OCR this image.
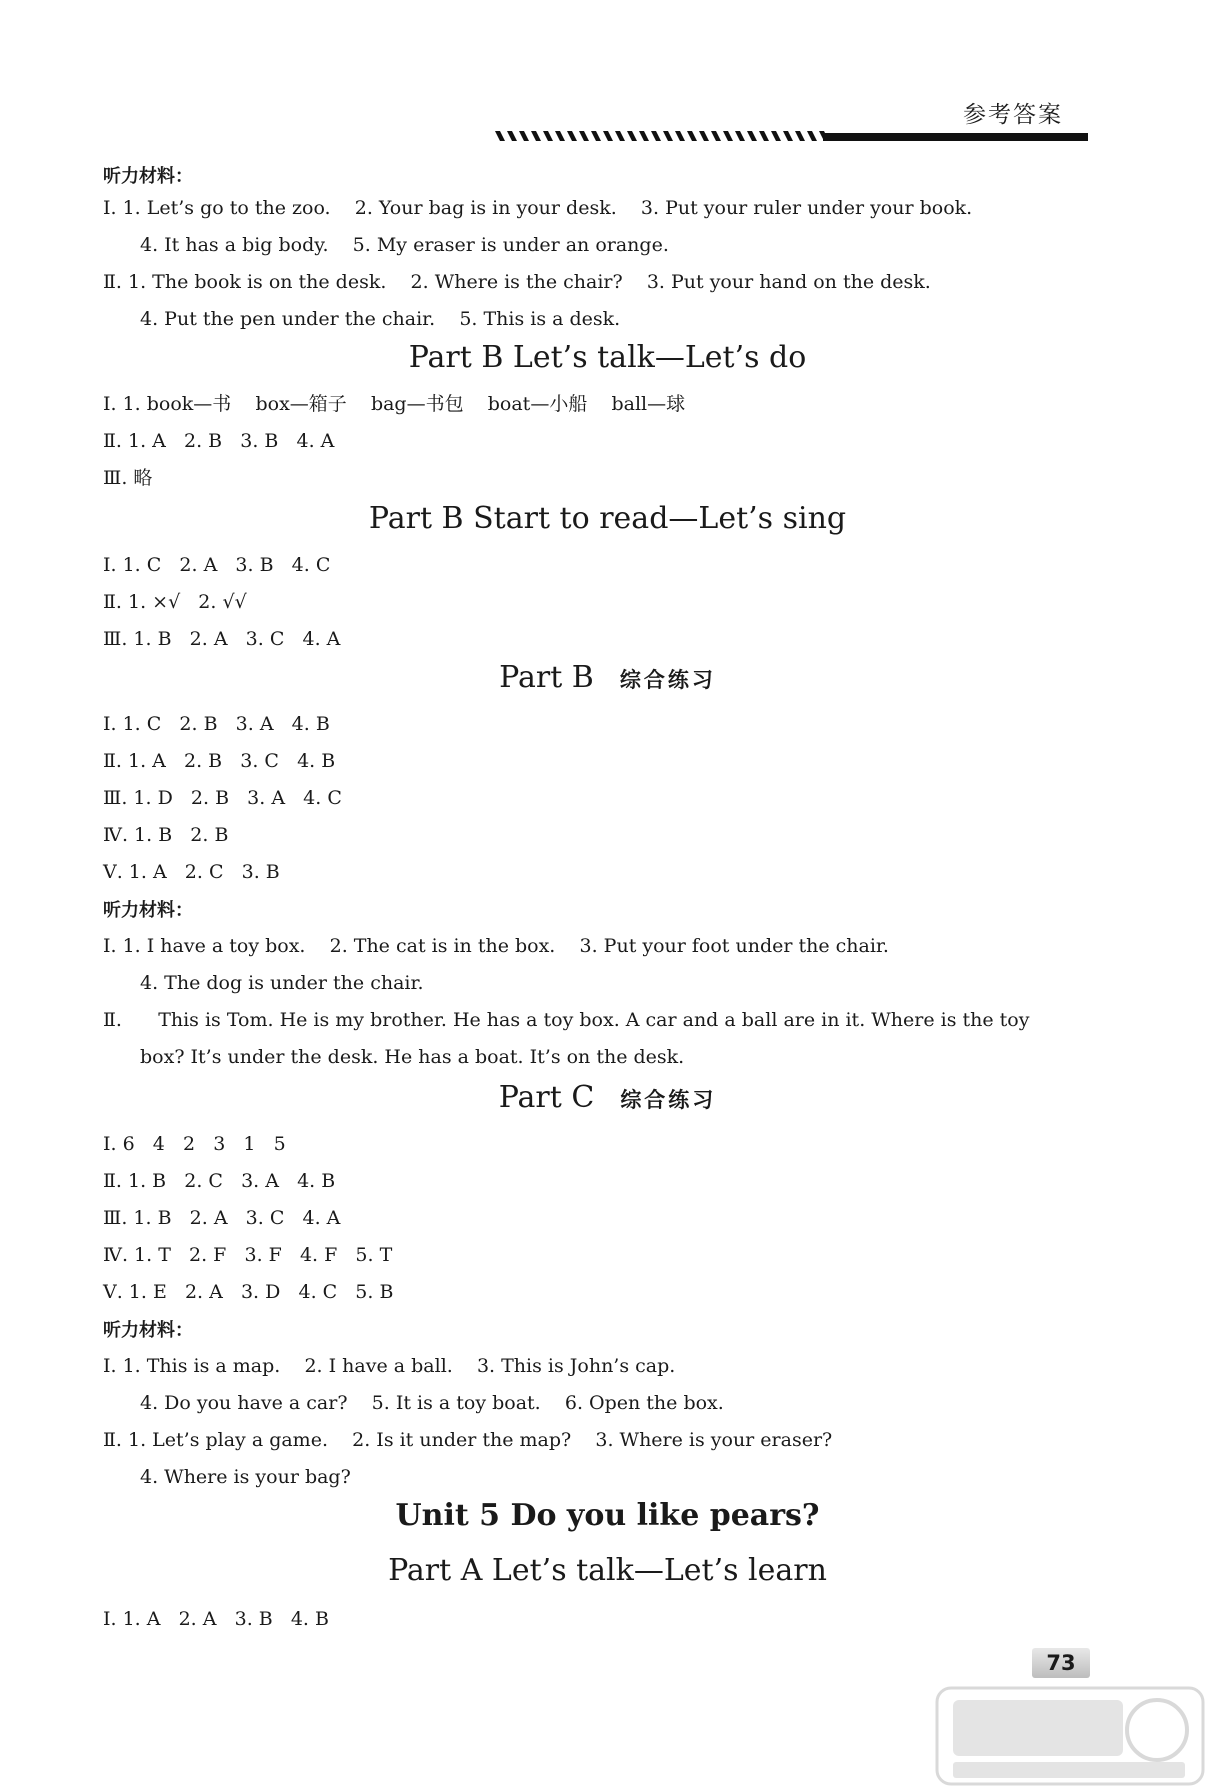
参考答案
听力材料：
Ⅰ. 1. Let’s go to the zoo.    2. Your bag is in your desk.    3. Put your ruler under your book.
4. It has a big body.    5. My eraser is under an orange.
Ⅱ. 1. The book is on the desk.    2. Where is the chair?    3. Put your hand on the desk.
4. Put the pen under the chair.    5. This is a desk.
Part B Let’s talk—Let’s do
Ⅰ. 1. book—书    box—箱子    bag—书包    boat—小船    ball—球
Ⅱ. 1. A   2. B   3. B   4. A
Ⅲ. 略
Part B Start to read—Let’s sing
Ⅰ. 1. C   2. A   3. B   4. C
Ⅱ. 1. ×√   2. √√
Ⅲ. 1. B   2. A   3. C   4. A
Part B 综合练习
Ⅰ. 1. C   2. B   3. A   4. B
Ⅱ. 1. A   2. B   3. C   4. B
Ⅲ. 1. D   2. B   3. A   4. C
Ⅳ. 1. B   2. B
Ⅴ. 1. A   2. C   3. B
听力材料：
Ⅰ. 1. I have a toy box.    2. The cat is in the box.    3. Put your foot under the chair.
4. The dog is under the chair.
Ⅱ.      This is Tom. He is my brother. He has a toy box. A car and a ball are in it. Where is the toy
box? It’s under the desk. He has a boat. It’s on the desk.
Part C 综合练习
Ⅰ. 6   4   2   3   1   5
Ⅱ. 1. B   2. C   3. A   4. B
Ⅲ. 1. B   2. A   3. C   4. A
Ⅳ. 1. T   2. F   3. F   4. F   5. T
Ⅴ. 1. E   2. A   3. D   4. C   5. B
听力材料：
Ⅰ. 1. This is a map.    2. I have a ball.    3. This is John’s cap.
4. Do you have a car?    5. It is a toy boat.    6. Open the box.
Ⅱ. 1. Let’s play a game.    2. Is it under the map?    3. Where is your eraser?
4. Where is your bag?
Unit 5 Do you like pears?
Part A Let’s talk—Let’s learn
Ⅰ. 1. A   2. A   3. B   4. B
73
